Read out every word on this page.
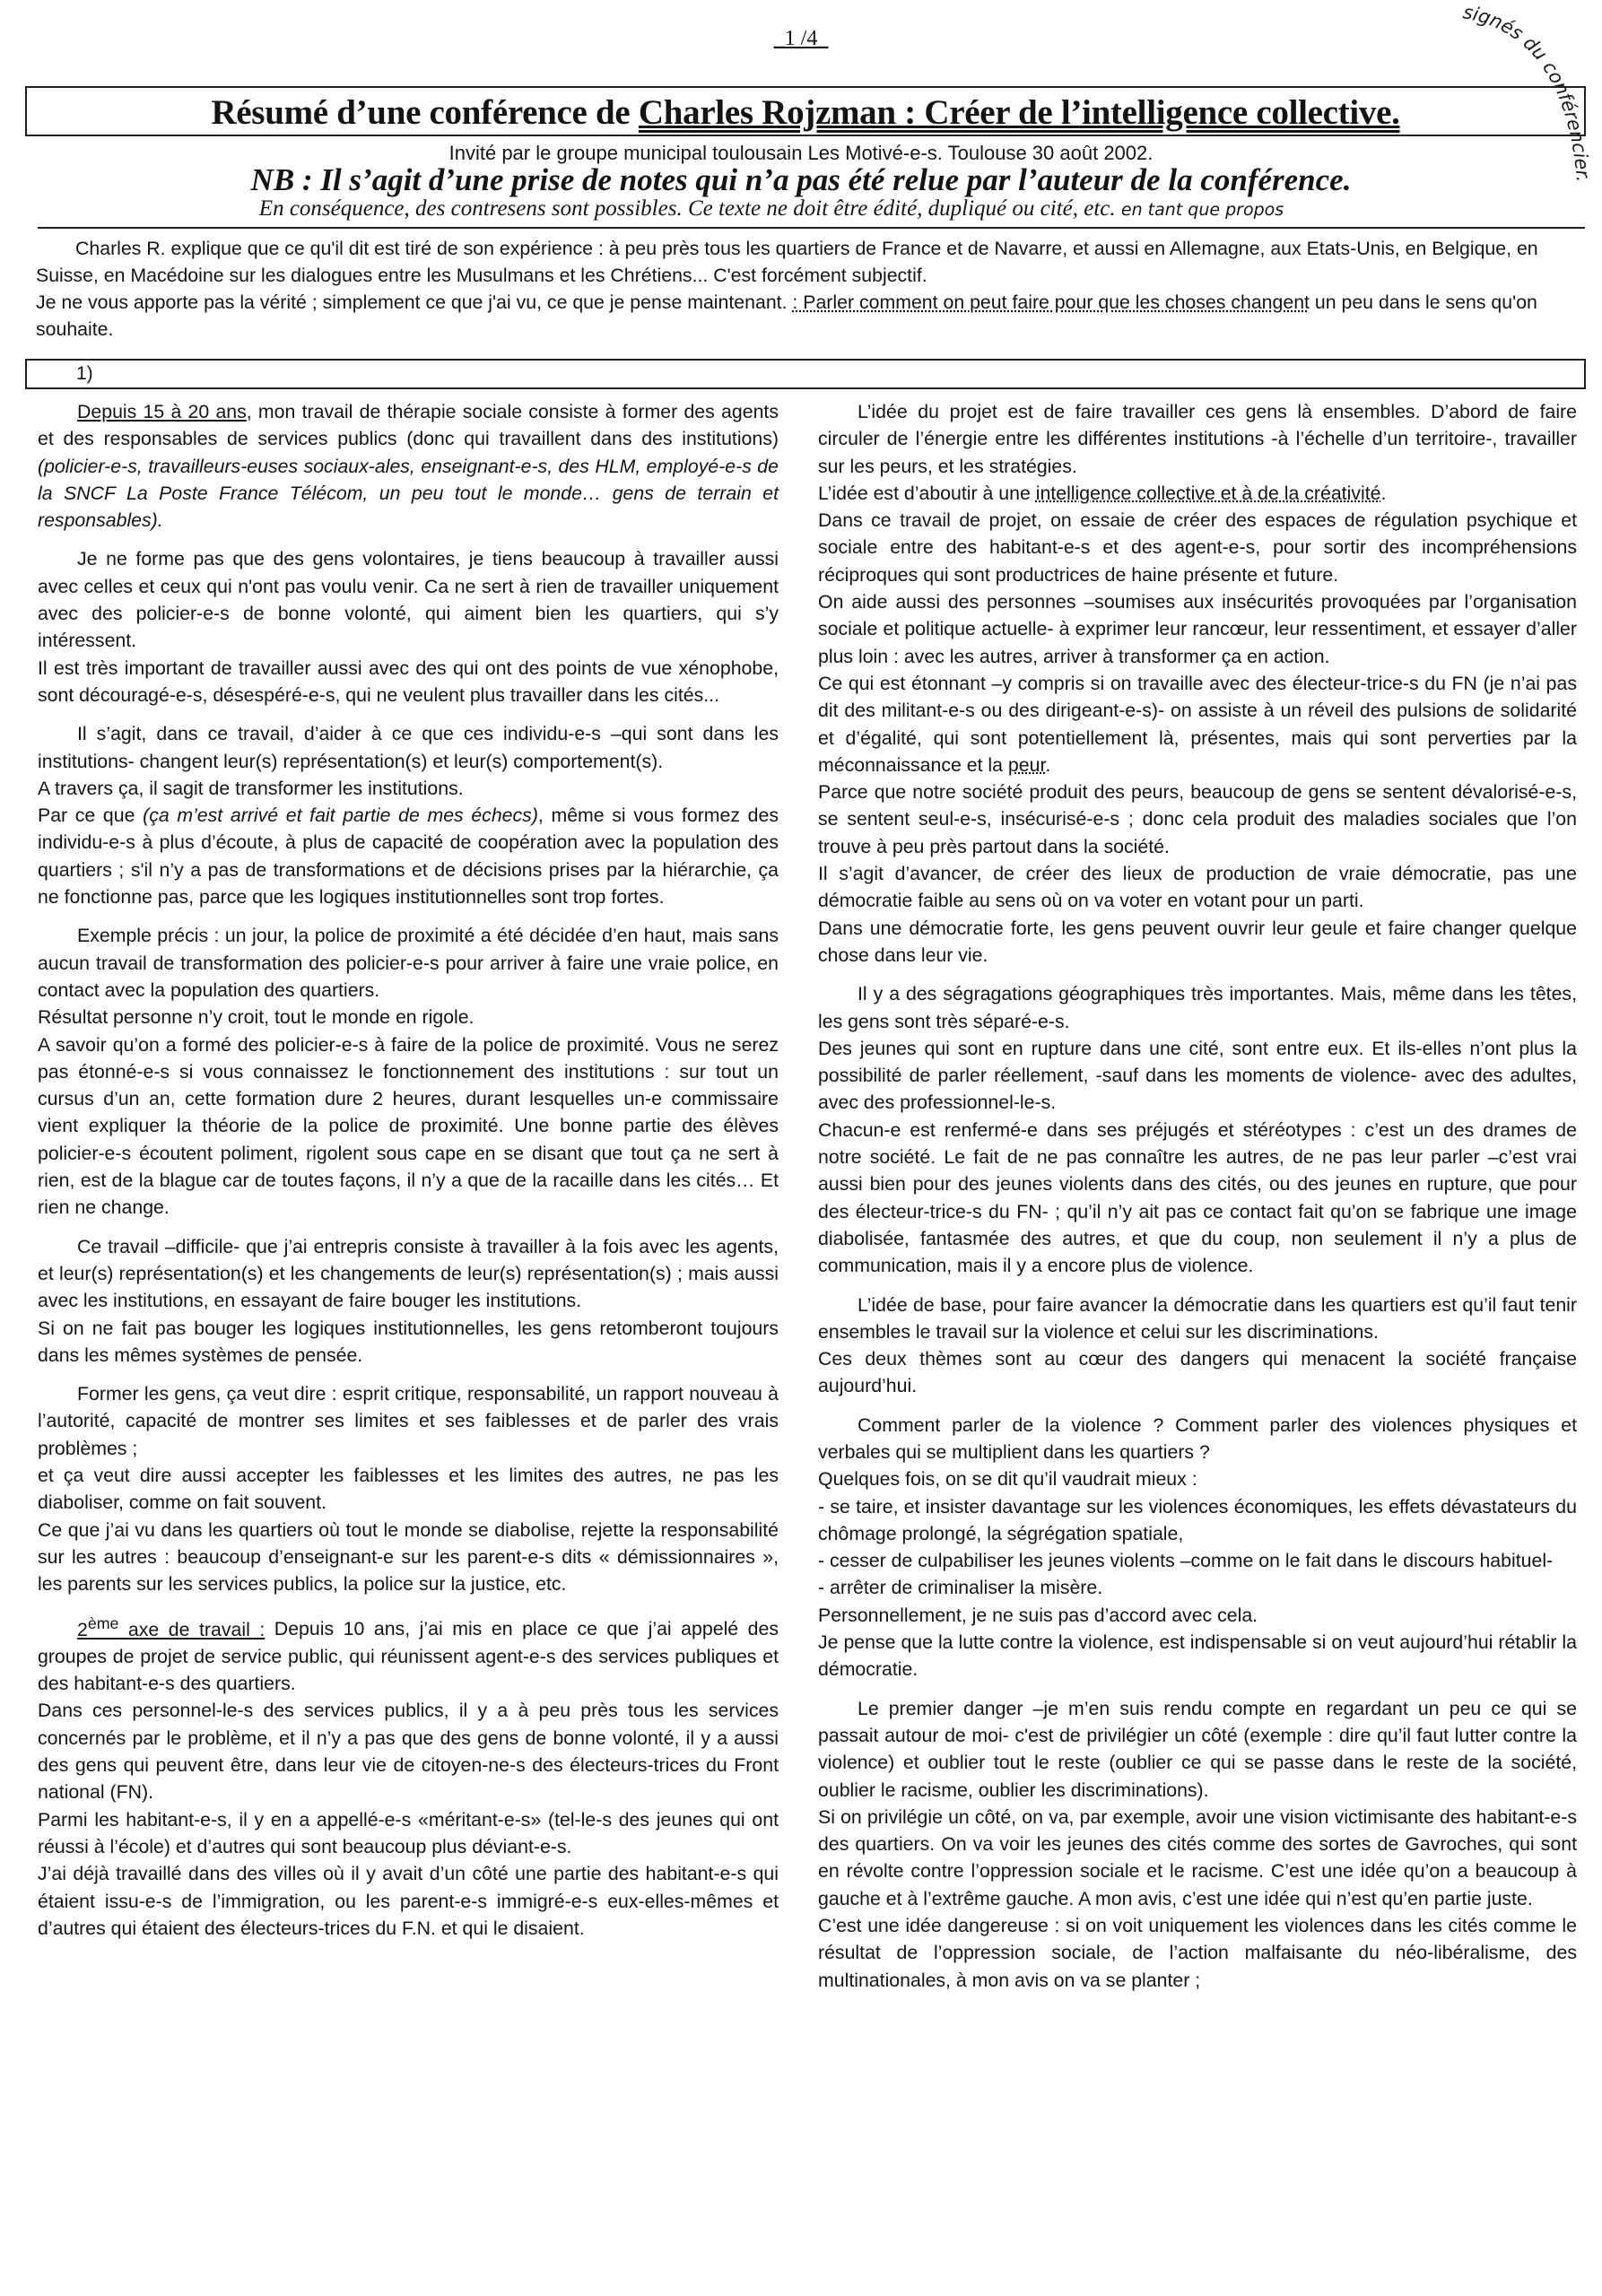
_1 /4_
Résumé d’une conférence de Charles Rojzman : Créer de l’intelligence collective.
Invité par le groupe municipal toulousain Les Motivé-e-s. Toulouse 30 août 2002.
NB : Il s’agit d’une prise de notes qui n’a pas été relue par l’auteur de la conférence.
En conséquence, des contresens sont possibles. Ce texte ne doit être édité, dupliqué ou cité, etc. en tant que propos
signés du conférencier.

Charles R. explique que ce qu'il dit est tiré de son expérience : à peu près tous les quartiers de France et de Navarre, et aussi en Allemagne, aux Etats-Unis, en Belgique, en Suisse, en Macédoine sur les dialogues entre les Musulmans et les Chrétiens... C'est forcément subjectif.

Je ne vous apporte pas la vérité ; simplement ce que j'ai vu, ce que je pense maintenant. : Parler comment on peut faire pour que les choses changent un peu dans le sens qu'on souhaite.

1)

Depuis 15 à 20 ans, mon travail de thérapie sociale consiste à former des agents et des responsables de services publics (donc qui travaillent dans des institutions) (policier-e-s, travailleurs-euses sociaux-ales, enseignant-e-s, des HLM, employé-e-s de la SNCF La Poste France Télécom, un peu tout le monde… gens de terrain et responsables).

Je ne forme pas que des gens volontaires, je tiens beaucoup à travailler aussi avec celles et ceux qui n'ont pas voulu venir. Ca ne sert à rien de travailler uniquement avec des policier-e-s de bonne volonté, qui aiment bien les quartiers, qui s’y intéressent.

Il est très important de travailler aussi avec des qui ont des points de vue xénophobe, sont découragé-e-s, désespéré-e-s, qui ne veulent plus travailler dans les cités...

Il s’agit, dans ce travail, d’aider à ce que ces individu-e-s –qui sont dans les institutions- changent leur(s) représentation(s) et leur(s) comportement(s).

A travers ça, il sagit de transformer les institutions.

Par ce que (ça m’est arrivé et fait partie de mes échecs), même si vous formez des individu-e-s à plus d’écoute, à plus de capacité de coopération avec la population des quartiers ; s'il n’y a pas de transformations et de décisions prises par la hiérarchie, ça ne fonctionne pas, parce que les logiques institutionnelles sont trop fortes.

Exemple précis : un jour, la police de proximité a été décidée d’en haut, mais sans aucun travail de transformation des policier-e-s pour arriver à faire une vraie police, en contact avec la population des quartiers.

Résultat personne n’y croit, tout le monde en rigole.

A savoir qu’on a formé des policier-e-s à faire de la police de proximité. Vous ne serez pas étonné-e-s si vous connaissez le fonctionnement des institutions : sur tout un cursus d’un an, cette formation dure 2 heures, durant lesquelles un-e commissaire vient expliquer la théorie de la police de proximité. Une bonne partie des élèves policier-e-s écoutent poliment, rigolent sous cape en se disant que tout ça ne sert à rien, est de la blague car de toutes façons, il n’y a que de la racaille dans les cités… Et rien ne change.

Ce travail –difficile- que j’ai entrepris consiste à travailler à la fois avec les agents, et leur(s) représentation(s) et les changements de leur(s) représentation(s) ; mais aussi avec les institutions, en essayant de faire bouger les institutions.

Si on ne fait pas bouger les logiques institutionnelles, les gens retomberont toujours dans les mêmes systèmes de pensée.

Former les gens, ça veut dire : esprit critique, responsabilité, un rapport nouveau à l’autorité, capacité de montrer ses limites et ses faiblesses et de parler des vrais problèmes ;

et ça veut dire aussi accepter les faiblesses et les limites des autres, ne pas les diaboliser, comme on fait souvent.

Ce que j’ai vu dans les quartiers où tout le monde se diabolise, rejette la responsabilité sur les autres : beaucoup d’enseignant-e sur les parent-e-s dits « démissionnaires », les parents sur les services publics, la police sur la justice, etc.

2ème axe de travail : Depuis 10 ans, j’ai mis en place ce que j’ai appelé des groupes de projet de service public, qui réunissent agent-e-s des services publiques et des habitant-e-s des quartiers.

Dans ces personnel-le-s des services publics, il y a à peu près tous les services concernés par le problème, et il n’y a pas que des gens de bonne volonté, il y a aussi des gens qui peuvent être, dans leur vie de citoyen-ne-s des électeurs-trices du Front national (FN).

Parmi les habitant-e-s, il y en a appellé-e-s «méritant-e-s» (tel-le-s des jeunes qui ont réussi à l’école) et d’autres qui sont beaucoup plus déviant-e-s.

J’ai déjà travaillé dans des villes où il y avait d’un côté une partie des habitant-e-s qui étaient issu-e-s de l’immigration, ou les parent-e-s immigré-e-s eux-elles-mêmes et d’autres qui étaient des électeurs-trices du F.N. et qui le disaient.

L’idée du projet est de faire travailler ces gens là ensembles. D’abord de faire circuler de l’énergie entre les différentes institutions -à l’échelle d’un territoire-, travailler sur les peurs, et les stratégies.

L’idée est d’aboutir à une intelligence collective et à de la créativité.

Dans ce travail de projet, on essaie de créer des espaces de régulation psychique et sociale entre des habitant-e-s et des agent-e-s, pour sortir des incompréhensions réciproques qui sont productrices de haine présente et future.

On aide aussi des personnes –soumises aux insécurités provoquées par l’organisation sociale et politique actuelle- à exprimer leur rancœur, leur ressentiment, et essayer d’aller plus loin : avec les autres, arriver à transformer ça en action.

Ce qui est étonnant –y compris si on travaille avec des électeur-trice-s du FN (je n’ai pas dit des militant-e-s ou des dirigeant-e-s)- on assiste à un réveil des pulsions de solidarité et d’égalité, qui sont potentiellement là, présentes, mais qui sont perverties par la méconnaissance et la peur.

Parce que notre société produit des peurs, beaucoup de gens se sentent dévalorisé-e-s, se sentent seul-e-s, insécurisé-e-s ; donc cela produit des maladies sociales que l’on trouve à peu près partout dans la société.

Il s’agit d’avancer, de créer des lieux de production de vraie démocratie, pas une démocratie faible au sens où on va voter en votant pour un parti.

Dans une démocratie forte, les gens peuvent ouvrir leur geule et faire changer quelque chose dans leur vie.

Il y a des ségragations géographiques très importantes. Mais, même dans les têtes, les gens sont très séparé-e-s.

Des jeunes qui sont en rupture dans une cité, sont entre eux. Et ils-elles n’ont plus la possibilité de parler réellement, -sauf dans les moments de violence- avec des adultes, avec des professionnel-le-s.

Chacun-e est renfermé-e dans ses préjugés et stéréotypes : c’est un des drames de notre société. Le fait de ne pas connaître les autres, de ne pas leur parler –c’est vrai aussi bien pour des jeunes violents dans des cités, ou des jeunes en rupture, que pour des électeur-trice-s du FN- ; qu’il n’y ait pas ce contact fait qu’on se fabrique une image diabolisée, fantasmée des autres, et que du coup, non seulement il n’y a plus de communication, mais il y a encore plus de violence.

L’idée de base, pour faire avancer la démocratie dans les quartiers est qu’il faut tenir ensembles le travail sur la violence et celui sur les discriminations.

Ces deux thèmes sont au cœur des dangers qui menacent la société française aujourd’hui.

Comment parler de la violence ? Comment parler des violences physiques et verbales qui se multiplient dans les quartiers ?

Quelques fois, on se dit qu’il vaudrait mieux :

- se taire, et insister davantage sur les violences économiques, les effets dévastateurs du chômage prolongé, la ségrégation spatiale,

- cesser de culpabiliser les jeunes violents –comme on le fait dans le discours habituel-

- arrêter de criminaliser la misère.

Personnellement, je ne suis pas d’accord avec cela.

Je pense que la lutte contre la violence, est indispensable si on veut aujourd’hui rétablir la démocratie.

Le premier danger –je m’en suis rendu compte en regardant un peu ce qui se passait autour de moi- c'est de privilégier un côté (exemple : dire qu’il faut lutter contre la violence) et oublier tout le reste (oublier ce qui se passe dans le reste de la société, oublier le racisme, oublier les discriminations).

Si on privilégie un côté, on va, par exemple, avoir une vision victimisante des habitant-e-s des quartiers. On va voir les jeunes des cités comme des sortes de Gavroches, qui sont en révolte contre l’oppression sociale et le racisme. C’est une idée qu’on a beaucoup à gauche et à l’extrême gauche. A mon avis, c’est une idée qui n’est qu’en partie juste.

C’est une idée dangereuse : si on voit uniquement les violences dans les cités comme le résultat de l’oppression sociale, de l’action malfaisante du néo-libéralisme, des multinationales, à mon avis on va se planter ;
